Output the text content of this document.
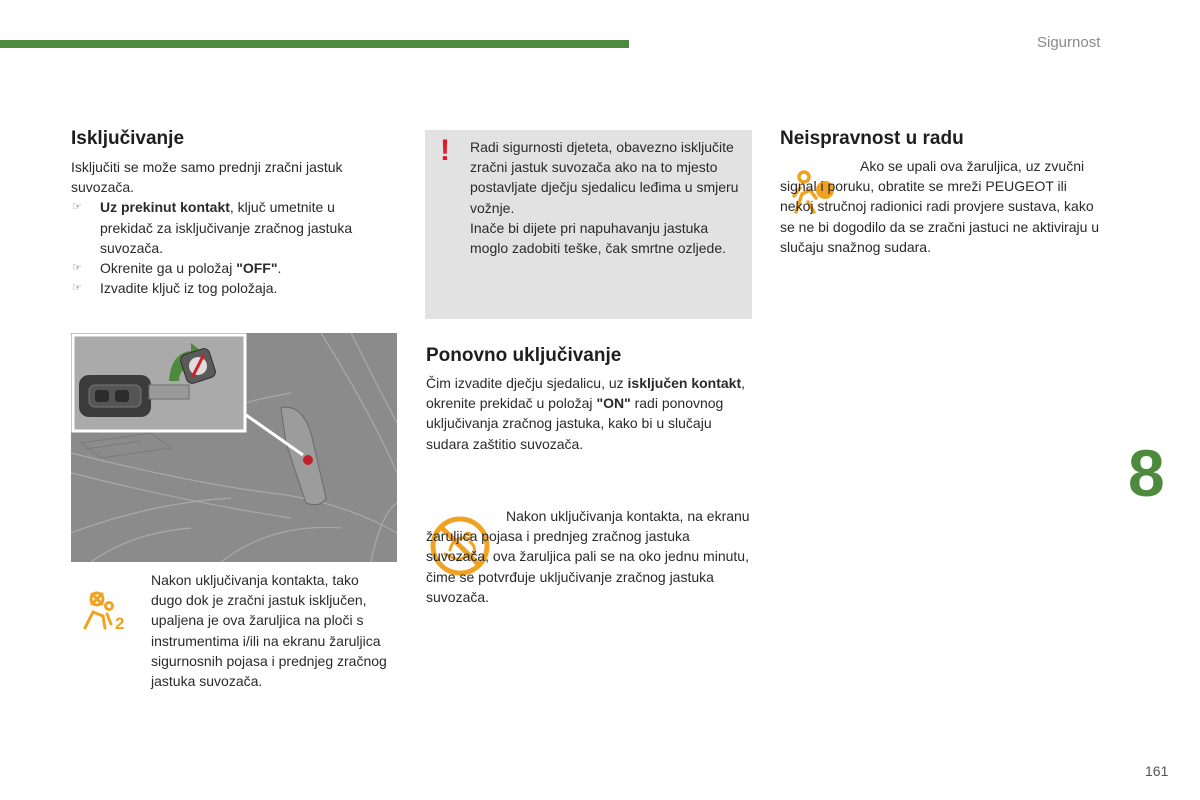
Sigurnost
Isključivanje

Isključiti se može samo prednji zračni jastuk suvozača.

☞ Uz prekinut kontakt, ključ umetnite u prekidač za isključivanje zračnog jastuka suvozača.
☞ Okrenite ga u položaj "OFF".
☞ Izvadite ključ iz tog položaja.
2
Nakon uključivanja kontakta, tako dugo dok je zračni jastuk isključen, upaljena je ova žaruljica na ploči s instrumentima i/ili na ekranu žaruljica sigurnosnih pojasa i prednjeg zračnog jastuka suvozača.
! Radi sigurnosti djeteta, obavezno isključite zračni jastuk suvozača ako na to mjesto postavljate dječju sjedalicu leđima u smjeru vožnje.

Inače bi dijete pri napuhavanju jastuka moglo zadobiti teške, čak smrtne ozljede.

Ponovno uključivanje
Čim izvadite dječju sjedalicu, uz isključen kontakt, okrenite prekidač u položaj "ON" radi ponovnog uključivanja zračnog jastuka, kako bi u slučaju sudara zaštitio suvozača.
Nakon uključivanja kontakta, na ekranu žaruljica pojasa i prednjeg zračnog jastuka suvozača, ova žaruljica pali se na oko jednu minutu, čime se potvrđuje uključivanje zračnog jastuka suvozača.
Neispravnost u radu
Ako se upali ova žaruljica, uz zvučni signal i poruku, obratite se mreži PEUGEOT ili nekoj stručnoj radionici radi provjere sustava, kako se ne bi dogodilo da se zračni jastuci ne aktiviraju u slučaju snažnog sudara.
8
161
